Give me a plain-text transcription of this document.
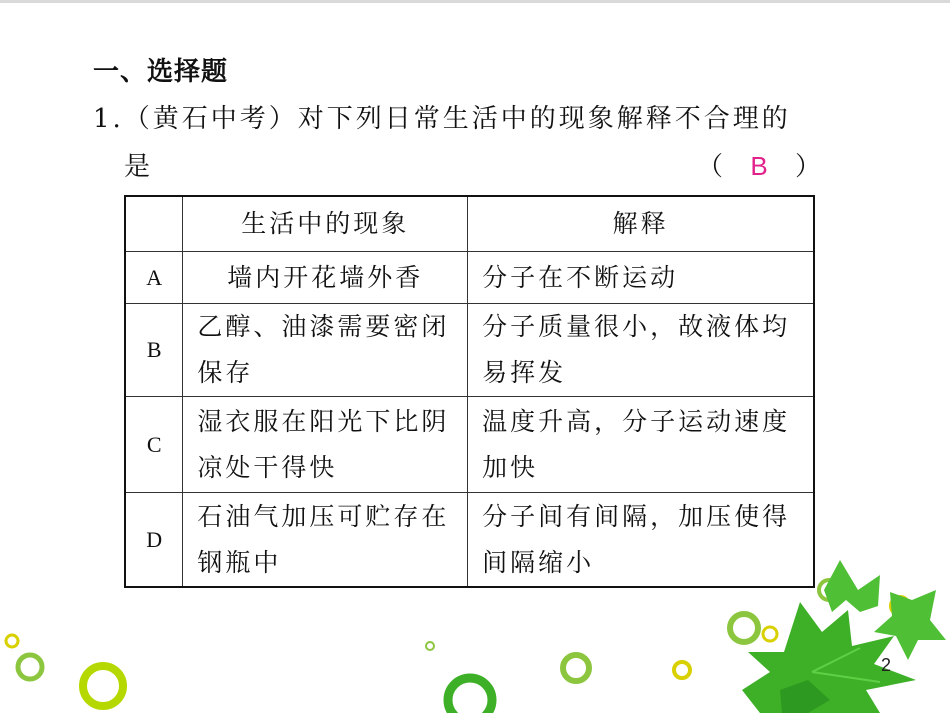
一、选择题
1.（黄石中考）对下列日常生活中的现象解释不合理的
是	（ B ）
	生活中的现象	解释
A	墙内开花墙外香	分子在不断运动
B	乙醇、油漆需要密闭保存	分子质量很小，故液体均易挥发
C	湿衣服在阳光下比阴凉处干得快	温度升高，分子运动速度加快
D	石油气加压可贮存在钢瓶中	分子间有间隔，加压使得间隔缩小
2
